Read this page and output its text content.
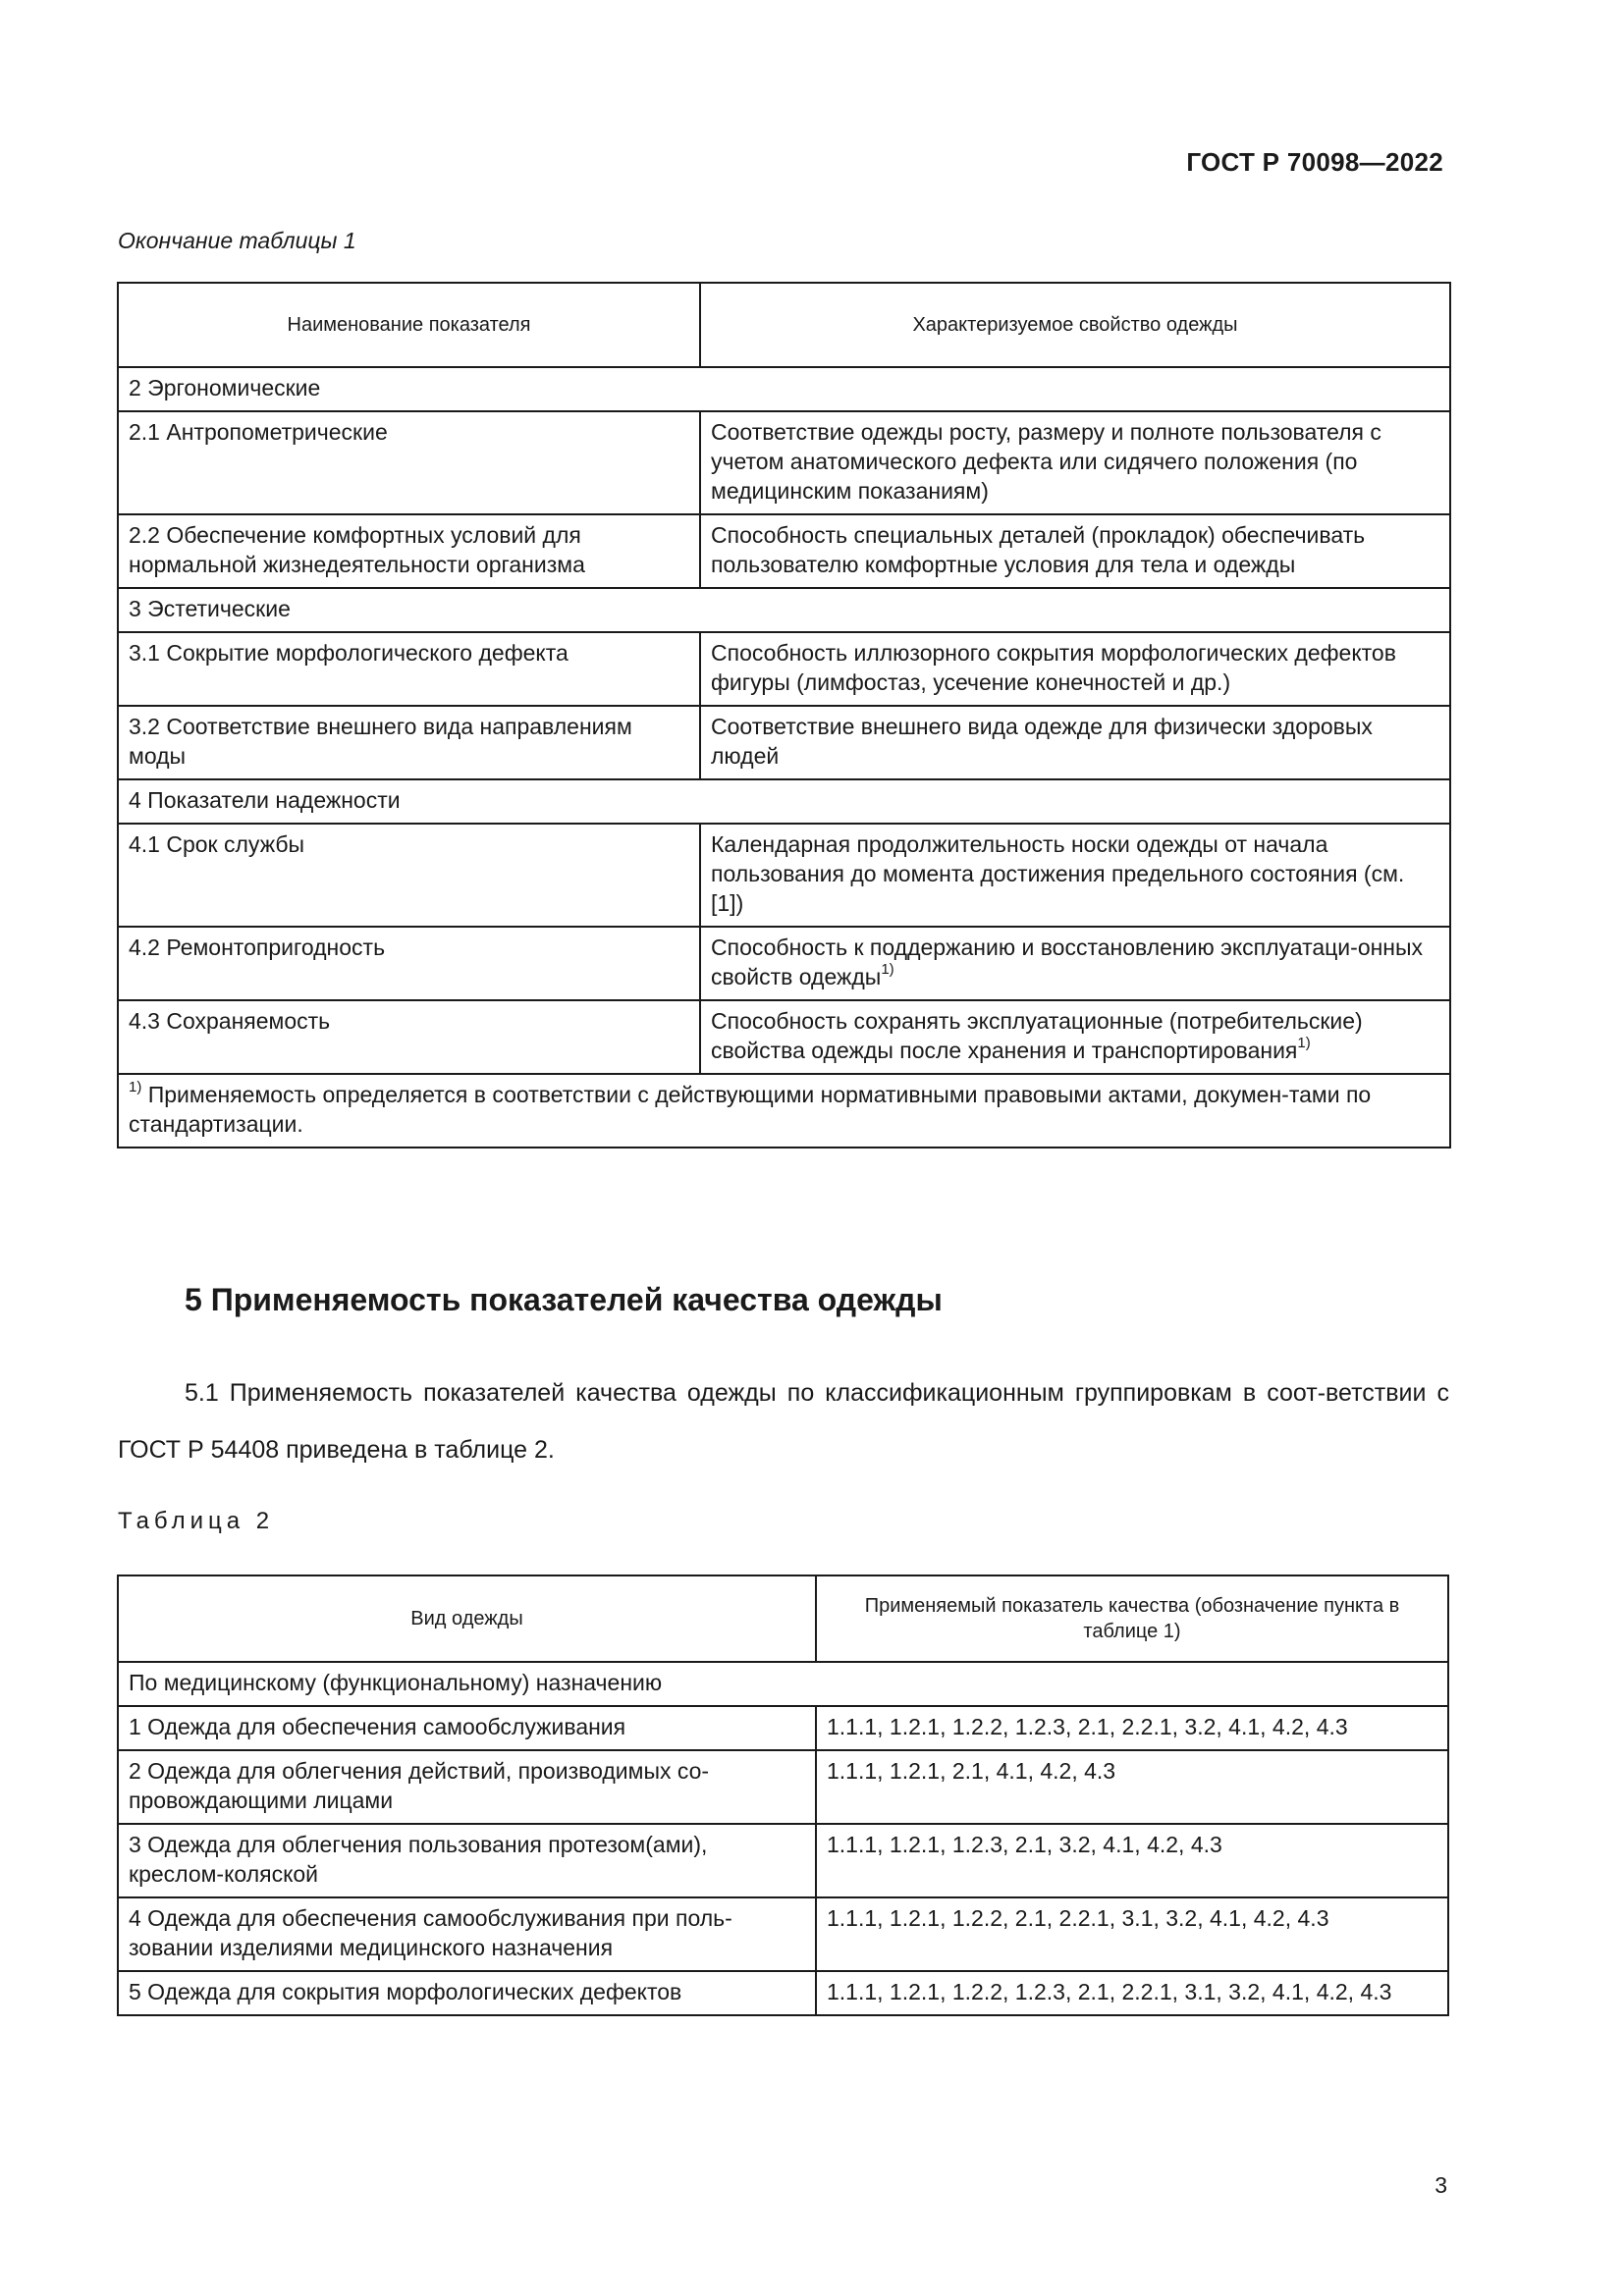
ГОСТ Р 70098—2022
Окончание таблицы 1
Наименование показателя	Характеризуемое свойство одежды
2 Эргономические	
2.1 Антропометрические	Соответствие одежды росту, размеру и полноте пользователя с учетом анатомического дефекта или сидячего положения (по медицинским показаниям)
2.2 Обеспечение комфортных условий для нормальной жизнедеятельности организма	Способность специальных деталей (прокладок) обеспечивать пользователю комфортные условия для тела и одежды
3 Эстетические	
3.1 Сокрытие морфологического дефекта	Способность иллюзорного сокрытия морфологических дефектов фигуры (лимфостаз, усечение конечностей и др.)
3.2 Соответствие внешнего вида направлениям моды	Соответствие внешнего вида одежде для физически здоровых людей
4 Показатели надежности	
4.1 Срок службы	Календарная продолжительность носки одежды от начала пользования до момента достижения предельного состояния (см. [1])
4.2 Ремонтопригодность	Способность к поддержанию и восстановлению эксплуатаци-онных свойств одежды$^{1)}$
4.3 Сохраняемость	Способность сохранять эксплуатационные (потребительские) свойства одежды после хранения и транспортирования$^{1)}$
$^{1)}$ Применяемость определяется в соответствии с действующими нормативными правовыми актами, докумен-тами по стандартизации.	
5 Применяемость показателей качества одежды
5.1 Применяемость показателей качества одежды по классификационным группировкам в соот-ветствии с ГОСТ Р 54408 приведена в таблице 2.
Таблица 2
Вид одежды	Применяемый показатель качества (обозначение пункта в таблице 1)
По медицинскому (функциональному) назначению	
1 Одежда для обеспечения самообслуживания	1.1.1, 1.2.1, 1.2.2, 1.2.3, 2.1, 2.2.1, 3.2, 4.1, 4.2, 4.3
2 Одежда для облегчения действий, производимых со-провождающими лицами	1.1.1, 1.2.1, 2.1, 4.1, 4.2, 4.3
3 Одежда для облегчения пользования протезом(ами), креслом-коляской	1.1.1, 1.2.1, 1.2.3, 2.1, 3.2, 4.1, 4.2, 4.3
4 Одежда для обеспечения самообслуживания при поль-зовании изделиями медицинского назначения	1.1.1, 1.2.1, 1.2.2, 2.1, 2.2.1, 3.1, 3.2, 4.1, 4.2, 4.3
5 Одежда для сокрытия морфологических дефектов	1.1.1, 1.2.1, 1.2.2, 1.2.3, 2.1, 2.2.1, 3.1, 3.2, 4.1, 4.2, 4.3
3
